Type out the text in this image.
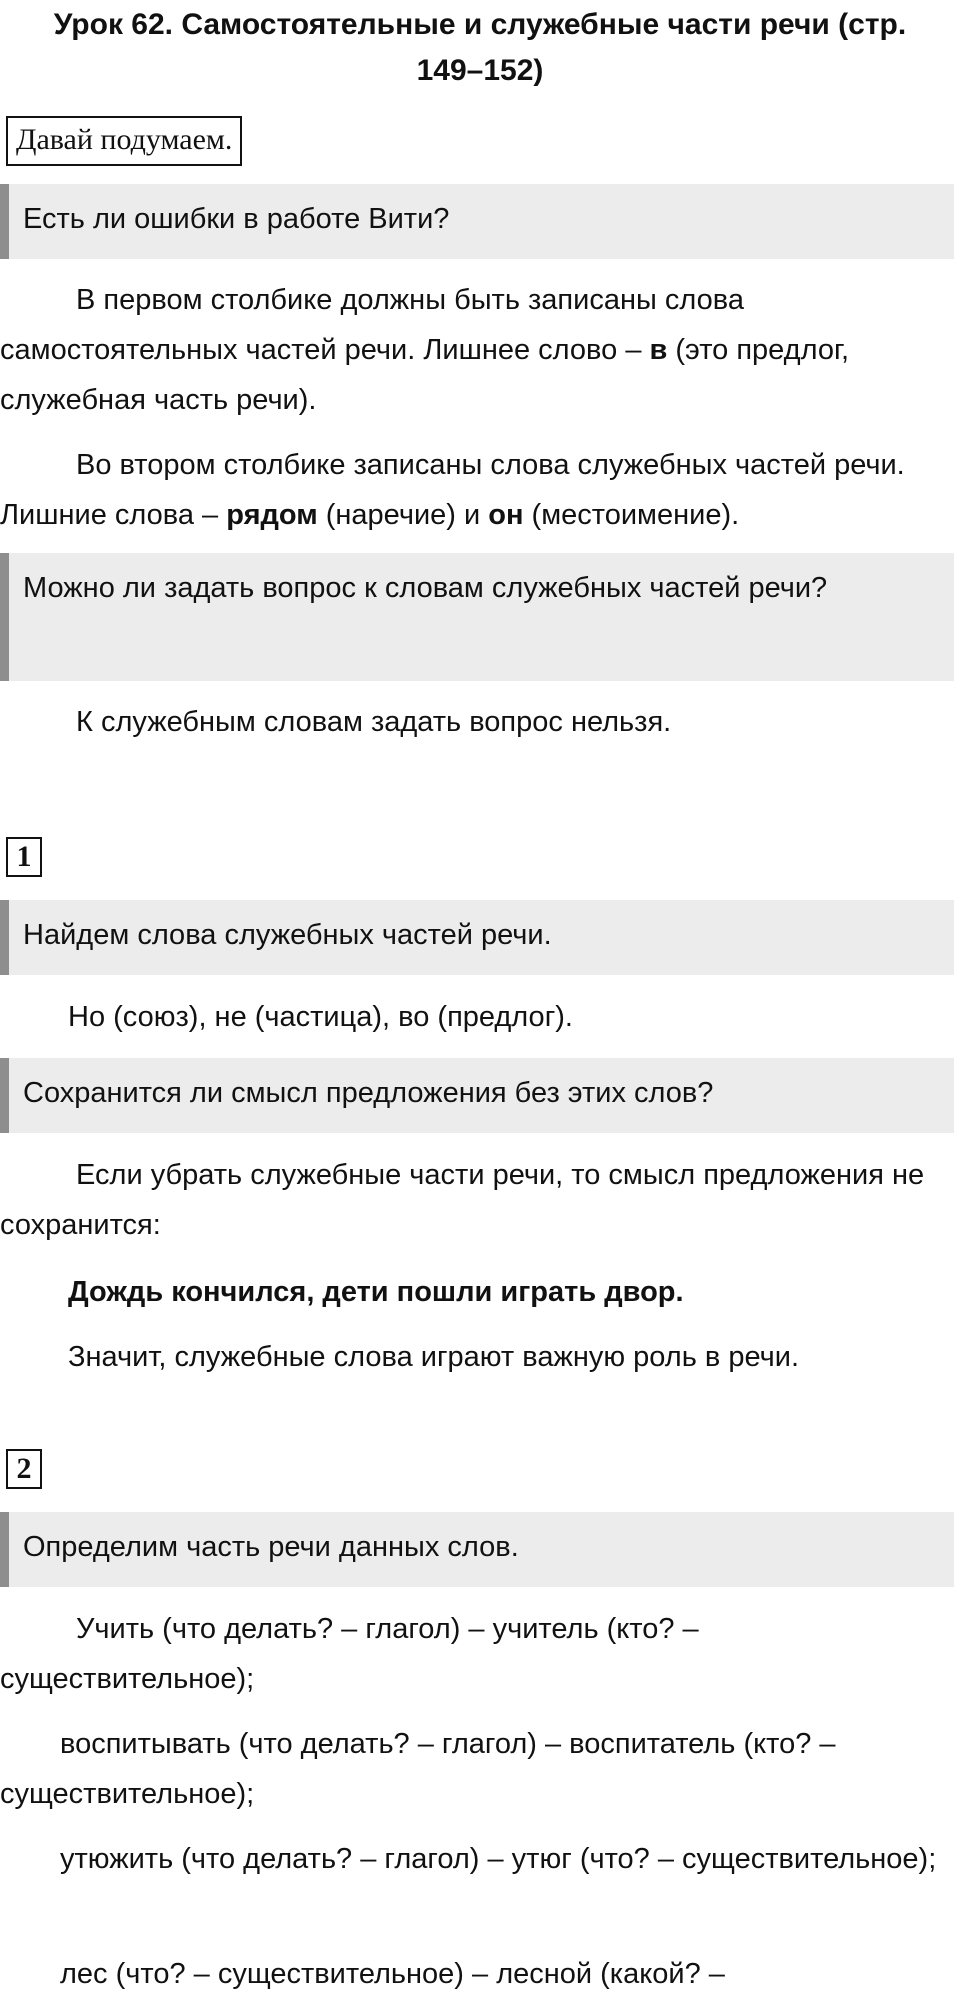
Урок 62. Самостоятельные и служебные части речи (стр.
149–152)
Давай подумаем.
Есть ли ошибки в работе Вити?

В первом столбике должны быть записаны слова самостоятельных частей речи. Лишнее слово – в (это предлог, служебная часть речи).

Во втором столбике записаны слова служебных частей речи. Лишние слова – рядом (наречие) и он (местоимение).

Можно ли задать вопрос к словам служебных частей речи?

К служебным словам задать вопрос нельзя.

1
Найдем слова служебных частей речи.

Но (союз), не (частица), во (предлог).

Сохранится ли смысл предложения без этих слов?

Если убрать служебные части речи, то смысл предложения не сохранится:

Дождь кончился, дети пошли играть двор.

Значит, служебные слова играют важную роль в речи.

2
Определим часть речи данных слов.

Учить (что делать? – глагол) – учитель (кто? – существительное);

воспитывать (что делать? – глагол) – воспитатель (кто? – существительное);

утюжить (что делать? – глагол) – утюг (что? – существительное);

лес (что? – существительное) – лесной (какой? –
